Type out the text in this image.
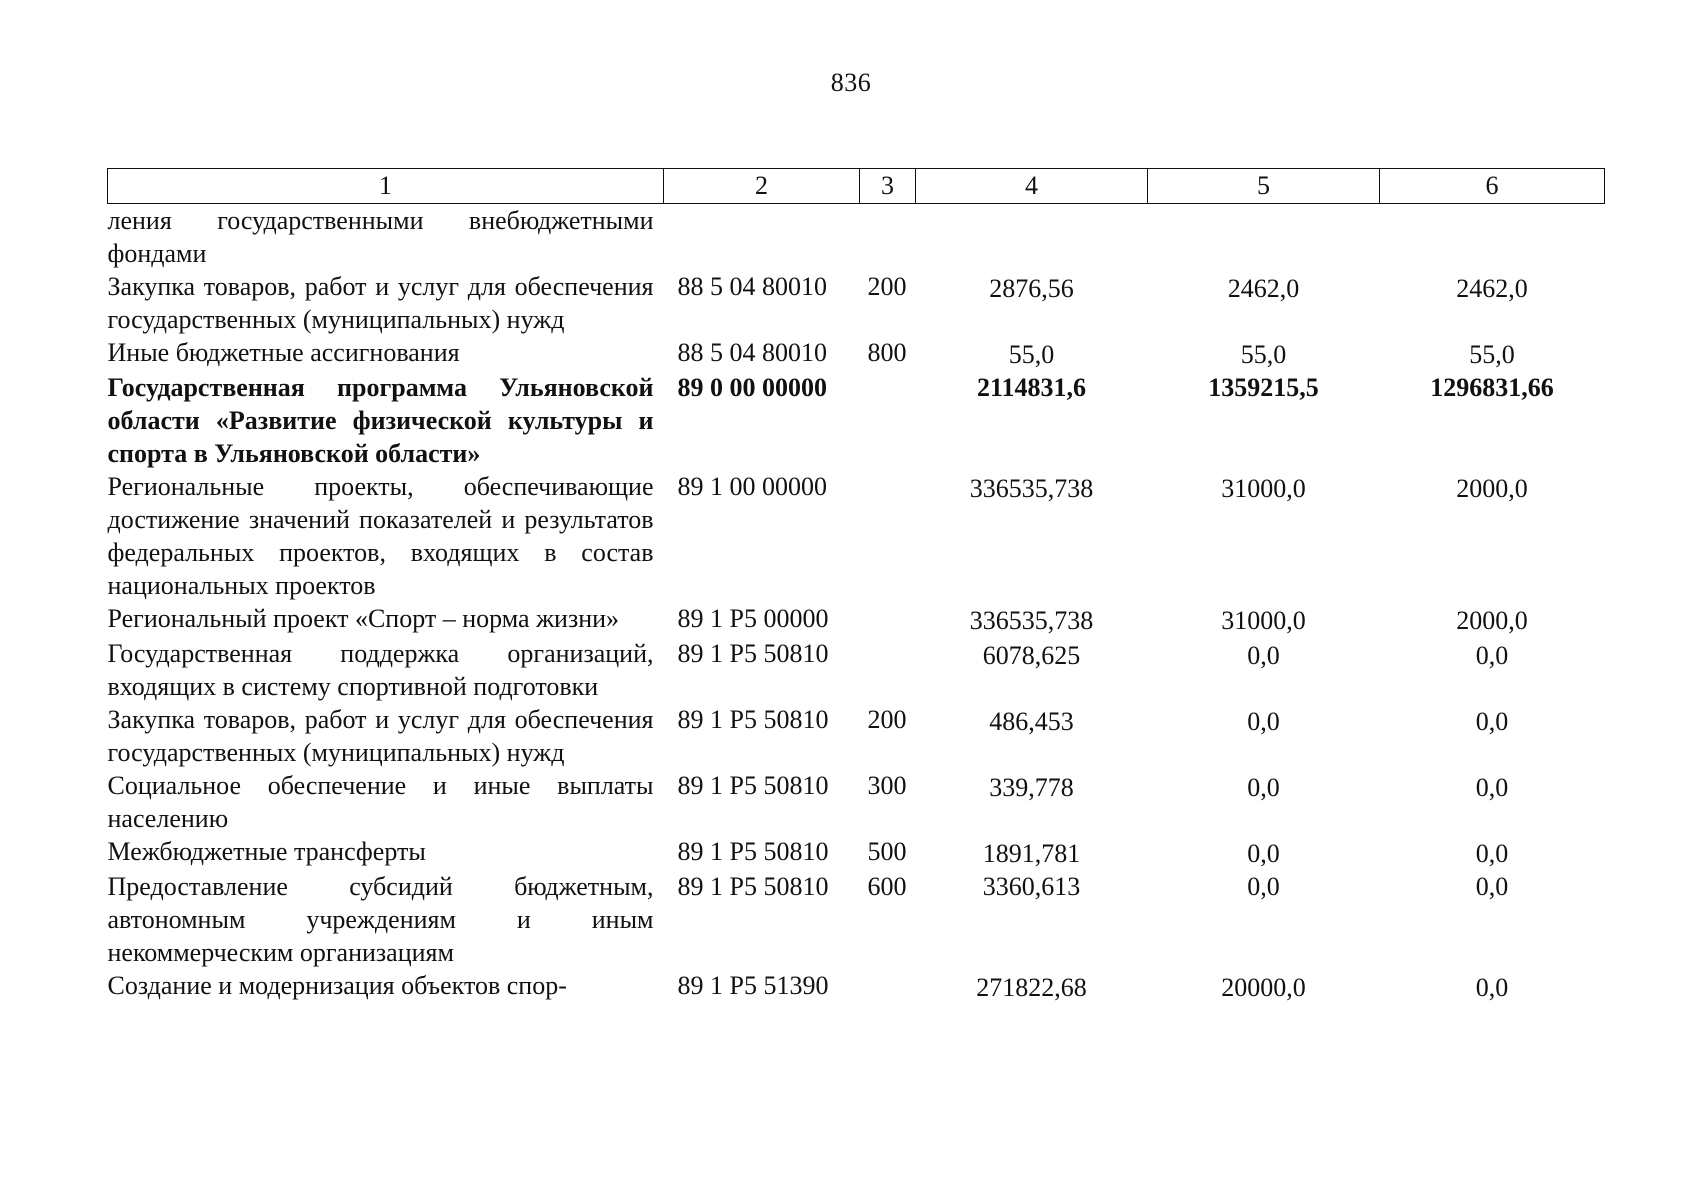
836
1	2	3	4	5	6
ления государственными внебюджетными фондами					
Закупка товаров, работ и услуг для обеспечения государственных (муниципальных) нужд	88 5 04 80010	200	2876,56	2462,0	2462,0
Иные бюджетные ассигнования	88 5 04 80010	800	55,0	55,0	55,0
Государственная программа Ульяновской области «Развитие физической культуры и спорта в Ульяновской области»	89 0 00 00000		2114831,6	1359215,5	1296831,66
Региональные проекты, обеспечивающие достижение значений показателей и результатов федеральных проектов, входящих в состав национальных проектов	89 1 00 00000		336535,738	31000,0	2000,0
Региональный проект «Спорт – норма жизни»	89 1 P5 00000		336535,738	31000,0	2000,0
Государственная поддержка организаций, входящих в систему спортивной подготовки	89 1 P5 50810		6078,625	0,0	0,0
Закупка товаров, работ и услуг для обеспечения государственных (муниципальных) нужд	89 1 P5 50810	200	486,453	0,0	0,0
Социальное обеспечение и иные выплаты населению	89 1 P5 50810	300	339,778	0,0	0,0
Межбюджетные трансферты	89 1 P5 50810	500	1891,781	0,0	0,0
Предоставление субсидий бюджетным, автономным учреждениям и иным некоммерческим организациям	89 1 P5 50810	600	3360,613	0,0	0,0
Создание и модернизация объектов спор-	89 1 P5 51390		271822,68	20000,0	0,0
